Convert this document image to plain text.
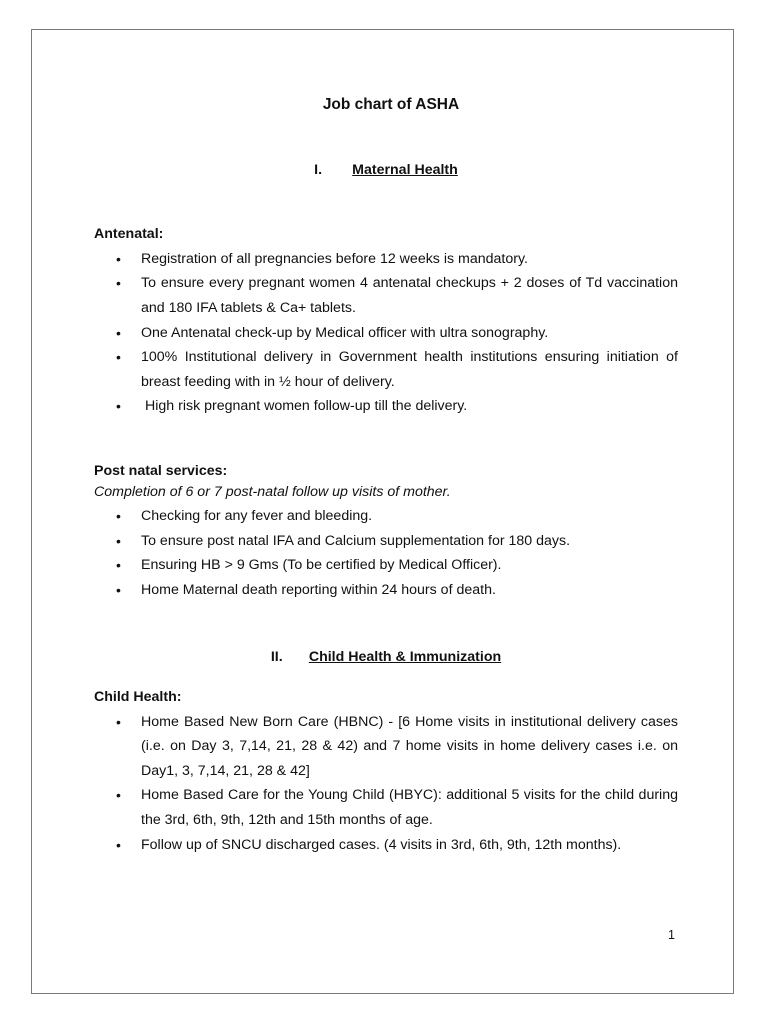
Job chart of ASHA

I. Maternal Health

Antenatal:

• Registration of all pregnancies before 12 weeks is mandatory.
• To ensure every pregnant women 4 antenatal checkups + 2 doses of Td vaccination and 180 IFA tablets & Ca+ tablets.
• One Antenatal check-up by Medical officer with ultra sonography.
• 100% Institutional delivery in Government health institutions ensuring initiation of breast feeding with in ½ hour of delivery.
• High risk pregnant women follow-up till the delivery.

Post natal services:

Completion of 6 or 7 post-natal follow up visits of mother.

• Checking for any fever and bleeding.
• To ensure post natal IFA and Calcium supplementation for 180 days.
• Ensuring HB > 9 Gms (To be certified by Medical Officer).
• Home Maternal death reporting within 24 hours of death.

II. Child Health & Immunization

Child Health:

• Home Based New Born Care (HBNC) - [6 Home visits in institutional delivery cases (i.e. on Day 3, 7,14, 21, 28 & 42) and 7 home visits in home delivery cases i.e. on Day1, 3, 7,14, 21, 28 & 42]
• Home Based Care for the Young Child (HBYC): additional 5 visits for the child during the 3rd, 6th, 9th, 12th and 15th months of age.
• Follow up of SNCU discharged cases. (4 visits in 3rd, 6th, 9th, 12th months).
1
